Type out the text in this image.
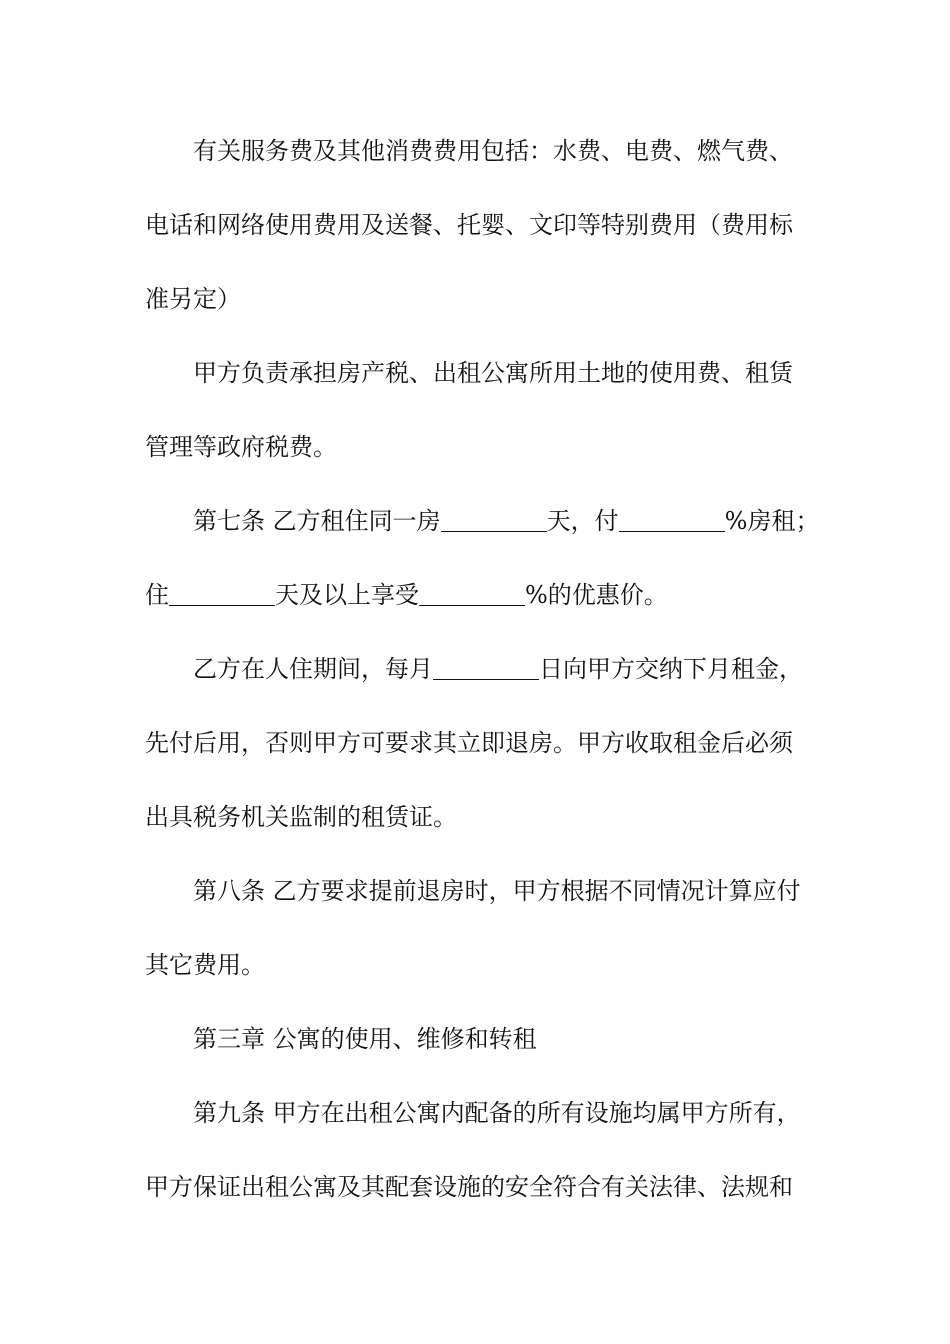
有关服务费及其他消费费用包括：水费、电费、燃气费、
电话和网络使用费用及送餐、托婴、文印等特别费用（费用标
准另定）
甲方负责承担房产税、出租公寓所用土地的使用费、租赁
管理等政府税费。
第七条 乙方租住同一房	天，付	%房租；
住	天及以上享受	%的优惠价。
乙方在人住期间，每月	日向甲方交纳下月租金，
先付后用，否则甲方可要求其立即退房。甲方收取租金后必须
出具税务机关监制的租赁证。
第八条 乙方要求提前退房时，甲方根据不同情况计算应付
其它费用。
第三章 公寓的使用、维修和转租
第九条 甲方在出租公寓内配备的所有设施均属甲方所有，
甲方保证出租公寓及其配套设施的安全符合有关法律、法规和
